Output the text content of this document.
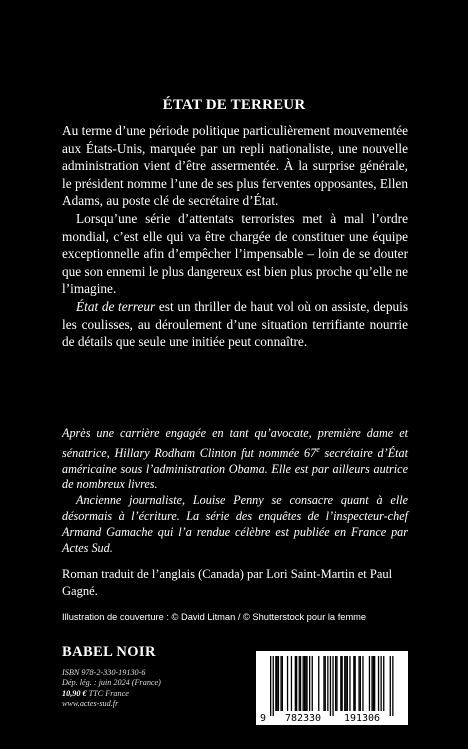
ÉTAT DE TERREUR

Au terme d’une période politique particulièrement mouvementée aux États-Unis, marquée par un repli nationaliste, une nouvelle administration vient d’être assermentée. À la surprise générale, le président nomme l’une de ses plus ferventes opposantes, Ellen Adams, au poste clé de secrétaire d’État.

Lorsqu’une série d’attentats terroristes met à mal l’ordre mondial, c’est elle qui va être chargée de constituer une équipe exceptionnelle afin d’empêcher l’impensable – loin de se douter que son ennemi le plus dangereux est bien plus proche qu’elle ne l’imagine.

État de terreur est un thriller de haut vol où on assiste, depuis les coulisses, au déroulement d’une situation terrifiante nourrie de détails que seule une initiée peut connaître.

Après une carrière engagée en tant qu’avocate, première dame et sénatrice, Hillary Rodham Clinton fut nommée 67e secrétaire d’État américaine sous l’administration Obama. Elle est par ailleurs autrice de nombreux livres.

Ancienne journaliste, Louise Penny se consacre quant à elle désormais à l’écriture. La série des enquêtes de l’inspecteur-chef Armand Gamache qui l’a rendue célèbre est publiée en France par Actes Sud.

Roman traduit de l’anglais (Canada) par Lori Saint-Martin et Paul Gagné.
Illustration de couverture : © David Litman / © Shutterstock pour la femme
BABEL NOIR
ISBN 978-2-330-19130-6
Dép. lég. : juin 2024 (France)
10,90 € TTC France
www.actes-sud.fr
9 782330 191306
